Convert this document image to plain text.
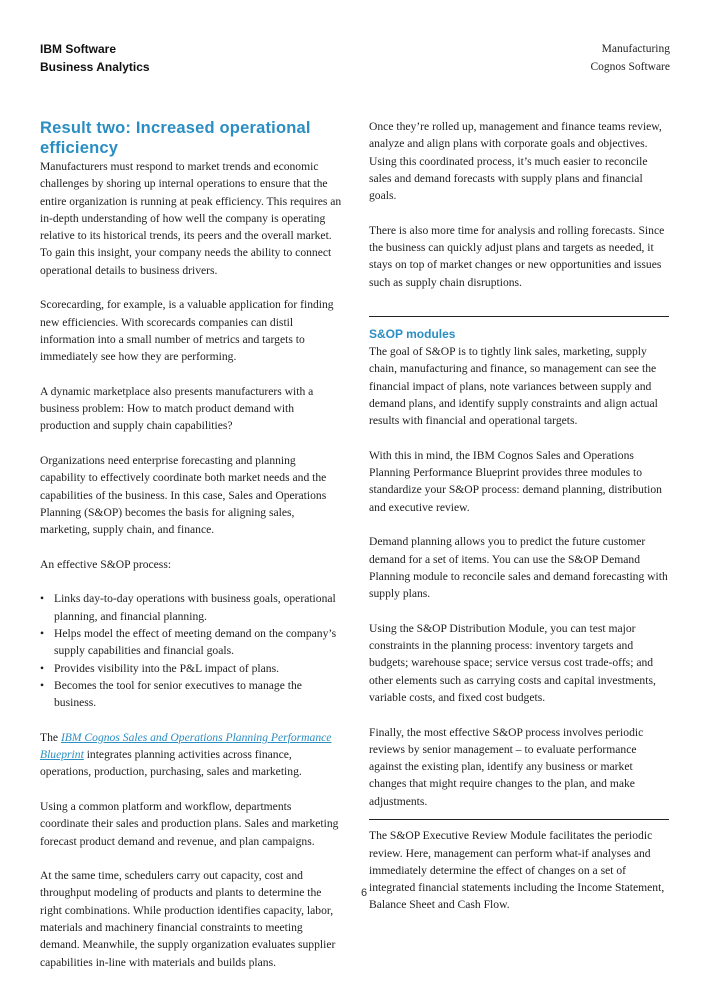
IBM Software
Business Analytics
Manufacturing
Cognos Software
Result two: Increased operational efficiency

Manufacturers must respond to market trends and economic challenges by shoring up internal operations to ensure that the entire organization is running at peak efficiency. This requires an in-depth understanding of how well the company is operating relative to its historical trends, its peers and the overall market. To gain this insight, your company needs the ability to connect operational details to business drivers.

Scorecarding, for example, is a valuable application for finding new efficiencies. With scorecards companies can distil information into a small number of metrics and targets to immediately see how they are performing.

A dynamic marketplace also presents manufacturers with a business problem: How to match product demand with production and supply chain capabilities?

Organizations need enterprise forecasting and planning capability to effectively coordinate both market needs and the capabilities of the business. In this case, Sales and Operations Planning (S&OP) becomes the basis for aligning sales, marketing, supply chain, and finance.

An effective S&OP process:

• Links day-to-day operations with business goals, operational planning, and financial planning.
• Helps model the effect of meeting demand on the company’s supply capabilities and financial goals.
• Provides visibility into the P&L impact of plans.
• Becomes the tool for senior executives to manage the business.

The IBM Cognos Sales and Operations Planning Performance Blueprint integrates planning activities across finance, operations, production, purchasing, sales and marketing.

Using a common platform and workflow, departments coordinate their sales and production plans. Sales and marketing forecast product demand and revenue, and plan campaigns.

At the same time, schedulers carry out capacity, cost and throughput modeling of products and plants to determine the right combinations. While production identifies capacity, labor, materials and machinery financial constraints to meeting demand. Meanwhile, the supply organization evaluates supplier capabilities in-line with materials and builds plans.

Once they’re rolled up, management and finance teams review, analyze and align plans with corporate goals and objectives. Using this coordinated process, it’s much easier to reconcile sales and demand forecasts with supply plans and financial goals.

There is also more time for analysis and rolling forecasts. Since the business can quickly adjust plans and targets as needed, it stays on top of market changes or new opportunities and issues such as supply chain disruptions.

S&OP modules

The goal of S&OP is to tightly link sales, marketing, supply chain, manufacturing and finance, so management can see the financial impact of plans, note variances between supply and demand plans, and identify supply constraints and align actual results with financial and operational targets.

With this in mind, the IBM Cognos Sales and Operations Planning Performance Blueprint provides three modules to standardize your S&OP process: demand planning, distribution and executive review.

Demand planning allows you to predict the future customer demand for a set of items. You can use the S&OP Demand Planning module to reconcile sales and demand forecasting with supply plans.

Using the S&OP Distribution Module, you can test major constraints in the planning process: inventory targets and budgets; warehouse space; service versus cost trade-offs; and other elements such as carrying costs and capital investments, variable costs, and fixed cost budgets.

Finally, the most effective S&OP process involves periodic reviews by senior management – to evaluate performance against the existing plan, identify any business or market changes that might require changes to the plan, and make adjustments.

The S&OP Executive Review Module facilitates the periodic review. Here, management can perform what-if analyses and immediately determine the effect of changes on a set of integrated financial statements including the Income Statement, Balance Sheet and Cash Flow.

6
